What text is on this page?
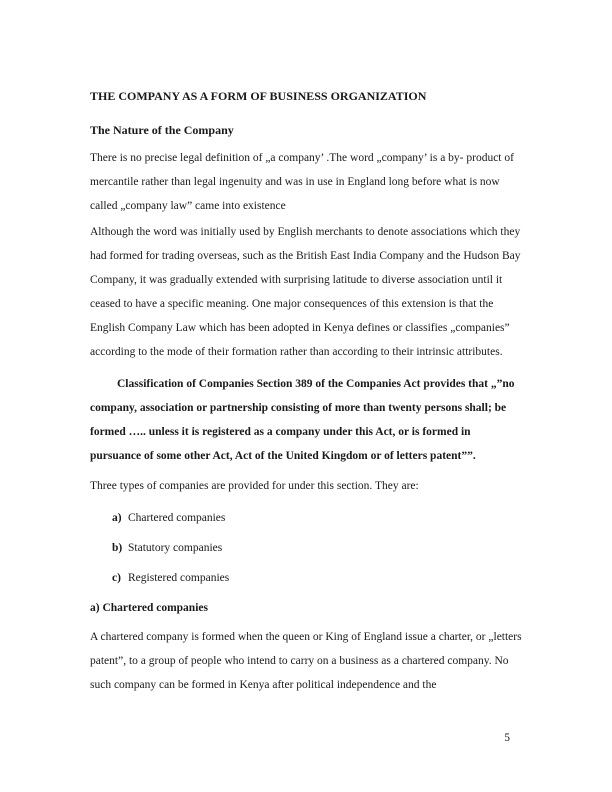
THE COMPANY AS A FORM OF BUSINESS ORGANIZATION
The Nature of the Company

There is no precise legal definition of „a company’ .The word „company’ is a by- product of mercantile rather than legal ingenuity and was in use in England long before what is now called „company law” came into existence

Although the word was initially used by English merchants to denote associations which they had formed for trading overseas, such as the British East India Company and the Hudson Bay Company, it was gradually extended with surprising latitude to diverse association until it ceased to have a specific meaning. One major consequences of this extension is that the English Company Law which has been adopted in Kenya defines or classifies „companies” according to the mode of their formation rather than according to their intrinsic attributes.

Classification of Companies Section 389 of the Companies Act provides that „”no company, association or partnership consisting of more than twenty persons shall; be formed ….. unless it is registered as a company under this Act, or is formed in pursuance of some other Act, Act of the United Kingdom or of letters patent””.

Three types of companies are provided for under this section. They are:

a) Chartered companies
b) Statutory companies
c) Registered companies
a) Chartered companies

A chartered company is formed when the queen or King of England issue a charter, or „letters patent”, to a group of people who intend to carry on a business as a chartered company. No such company can be formed in Kenya after political independence and the

5
